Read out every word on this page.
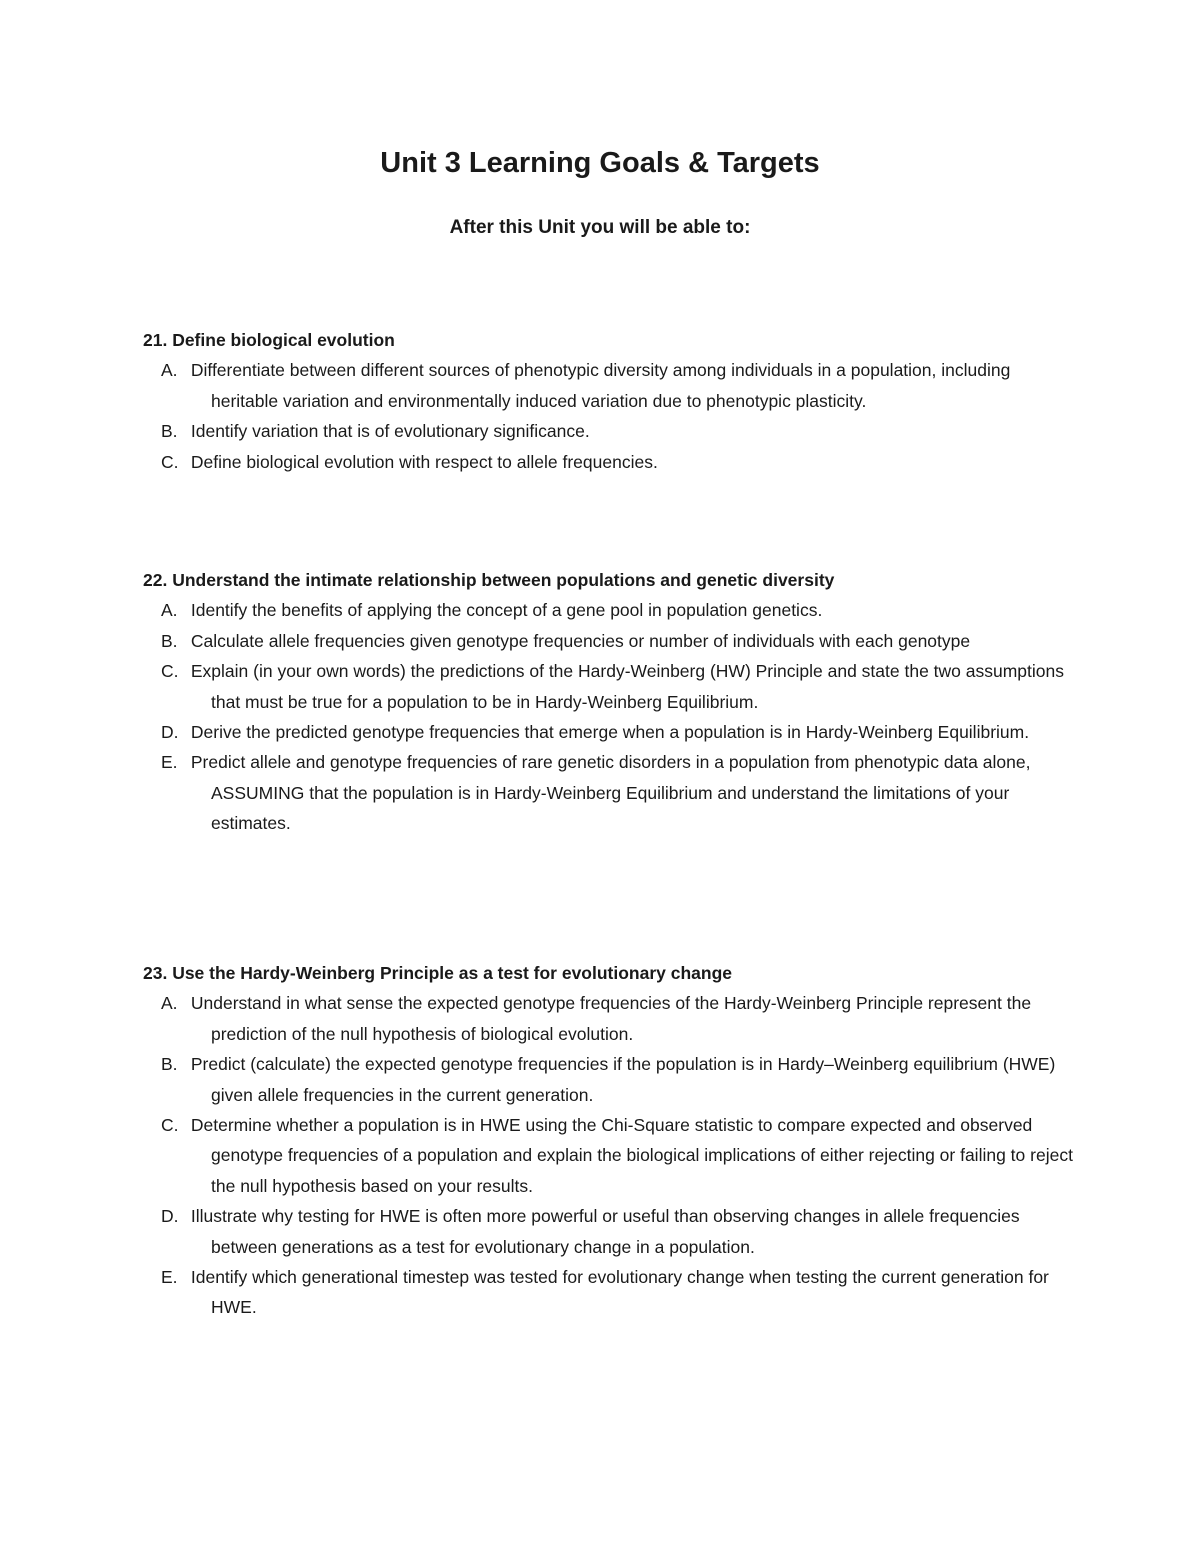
Unit 3 Learning Goals & Targets
After this Unit you will be able to:

21. Define biological evolution

A. Differentiate between different sources of phenotypic diversity among individuals in a population, including heritable variation and environmentally induced variation due to phenotypic plasticity.
B. Identify variation that is of evolutionary significance.
C. Define biological evolution with respect to allele frequencies.

22. Understand the intimate relationship between populations and genetic diversity

A. Identify the benefits of applying the concept of a gene pool in population genetics.
B. Calculate allele frequencies given genotype frequencies or number of individuals with each genotype
C. Explain (in your own words) the predictions of the Hardy-Weinberg (HW) Principle and state the two assumptions that must be true for a population to be in Hardy-Weinberg Equilibrium.
D. Derive the predicted genotype frequencies that emerge when a population is in Hardy-Weinberg Equilibrium.
E. Predict allele and genotype frequencies of rare genetic disorders in a population from phenotypic data alone, ASSUMING that the population is in Hardy-Weinberg Equilibrium and understand the limitations of your estimates.

23. Use the Hardy-Weinberg Principle as a test for evolutionary change

A. Understand in what sense the expected genotype frequencies of the Hardy-Weinberg Principle represent the prediction of the null hypothesis of biological evolution.
B. Predict (calculate) the expected genotype frequencies if the population is in Hardy–Weinberg equilibrium (HWE) given allele frequencies in the current generation.
C. Determine whether a population is in HWE using the Chi-Square statistic to compare expected and observed genotype frequencies of a population and explain the biological implications of either rejecting or failing to reject the null hypothesis based on your results.
D. Illustrate why testing for HWE is often more powerful or useful than observing changes in allele frequencies between generations as a test for evolutionary change in a population.
E. Identify which generational timestep was tested for evolutionary change when testing the current generation for HWE.
